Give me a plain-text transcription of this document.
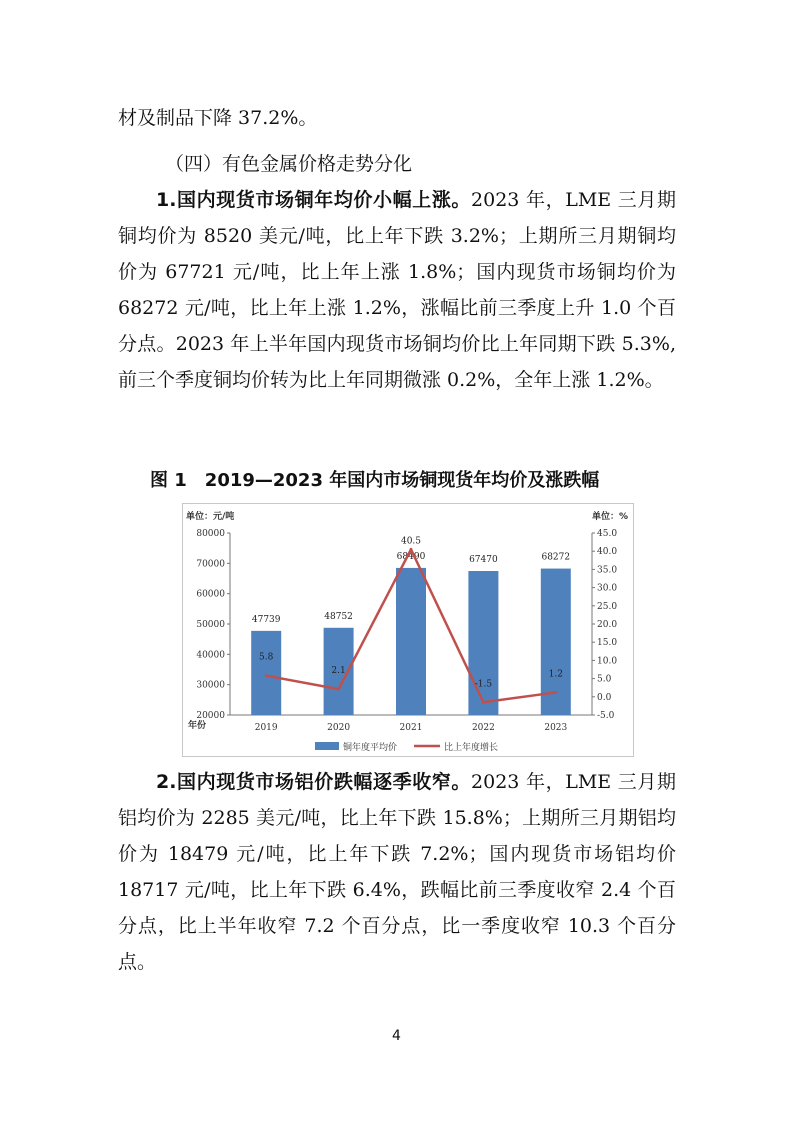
材及制品下降 37.2%。

（四）有色金属价格走势分化

1.国内现货市场铜年均价小幅上涨。2023 年，LME 三月期铜均价为 8520 美元/吨，比上年下跌 3.2%；上期所三月期铜均价为 67721 元/吨，比上年上涨 1.8%；国内现货市场铜均价为 68272 元/吨，比上年上涨 1.2%，涨幅比前三季度上升 1.0 个百分点。2023 年上半年国内现货市场铜均价比上年同期下跌 5.3%,前三个季度铜均价转为比上年同期微涨 0.2%，全年上涨 1.2%。

图 1　2019—2023 年国内市场铜现货年均价及涨跌幅

单位：元/吨	单位：%
年份
20000
30000
40000
50000
60000
70000
80000
-5.0
0.0
5.0
10.0
15.0
20.0
25.0
30.0
35.0
40.0
45.0
2019	2020	2021	2022	2023
47739	48752
68490	67470	68272
5.8
2.1
40.5
-1.5
1.2
铜年度平均价	比上年度增长

2.国内现货市场铝价跌幅逐季收窄。2023 年，LME 三月期铝均价为 2285 美元/吨，比上年下跌 15.8%；上期所三月期铝均价为 18479 元/吨，比上年下跌 7.2%；国内现货市场铝均价 18717 元/吨，比上年下跌 6.4%，跌幅比前三季度收窄 2.4 个百分点，比上半年收窄 7.2 个百分点，比一季度收窄 10.3 个百分点。

4
